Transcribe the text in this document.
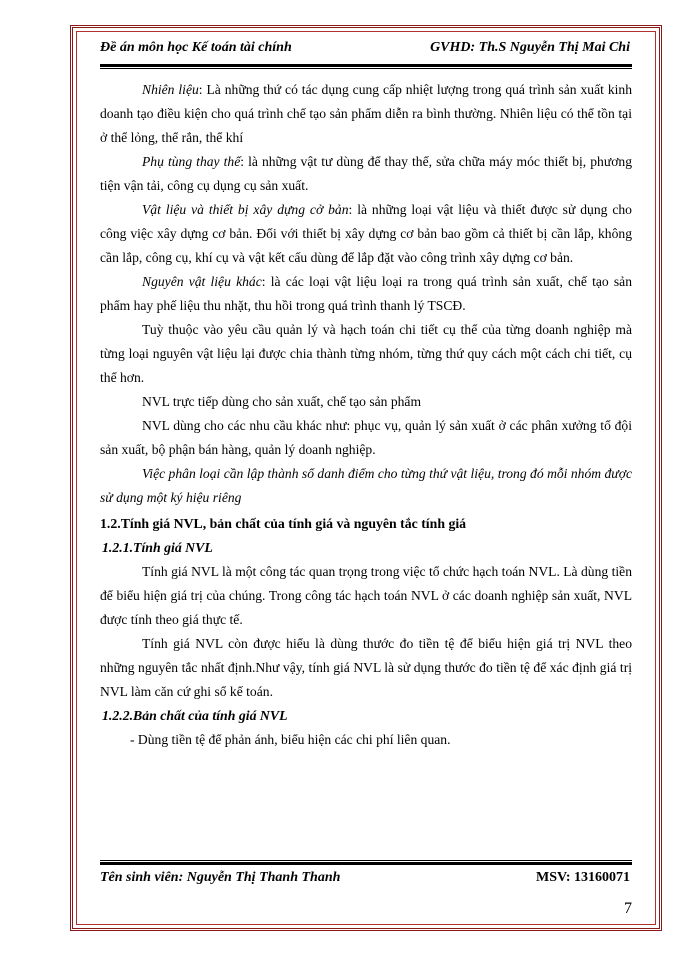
Đề án môn học Kế toán tài chính	GVHD: Th.S Nguyễn Thị Mai Chi

Nhiên liệu: Là những thứ có tác dụng cung cấp nhiệt lượng trong quá trình sản xuất kinh doanh tạo điều kiện cho quá trình chế tạo sản phẩm diễn ra bình thường. Nhiên liệu có thể tồn tại ở thể lỏng, thể rắn, thể khí

Phụ tùng thay thế: là những vật tư dùng để thay thế, sửa chữa máy móc thiết bị, phương tiện vận tải, công cụ dụng cụ sản xuất.

Vật liệu và thiết bị xây dựng cở bản: là những loại vật liệu và thiết được sử dụng cho công việc xây dựng cơ bản. Đối với thiết bị xây dựng cơ bản bao gồm cả thiết bị cần lắp, không cần lắp, công cụ, khí cụ và vật kết cấu dùng để lắp đặt vào công trình xây dựng cơ bản.

Nguyên vật liệu khác: là các loại vật liệu loại ra trong quá trình sản xuất, chế tạo sản phẩm hay phế liệu thu nhặt, thu hồi trong quá trình thanh lý TSCĐ.

Tuỳ thuộc vào yêu cầu quản lý và hạch toán chi tiết cụ thể của từng doanh nghiệp mà từng loại nguyên vật liệu lại được chia thành từng nhóm, từng thứ quy cách một cách chi tiết, cụ thể hơn.

NVL trực tiếp dùng cho sản xuất, chế tạo sản phẩm

NVL dùng cho các nhu cầu khác như: phục vụ, quản lý sản xuất ở các phân xưởng tổ đội sản xuất, bộ phận bán hàng, quản lý doanh nghiệp.

Việc phân loại cần lập thành sổ danh điểm cho từng thứ vật liệu, trong đó mỗi nhóm được sử dụng một ký hiệu riêng

1.2.Tính giá NVL, bản chất của tính giá và nguyên tắc tính giá

1.2.1.Tính giá NVL

Tính giá NVL là một công tác quan trọng trong việc tổ chức hạch toán NVL. Là dùng tiền để biểu hiện giá trị của chúng. Trong công tác hạch toán NVL ở các doanh nghiệp sản xuất, NVL được tính theo giá thực tế.

Tính giá NVL còn được hiểu là dùng thước đo tiền tệ để biểu hiện giá trị NVL theo những nguyên tắc nhất định.Như vậy, tính giá NVL là sử dụng thước đo tiền tệ để xác định giá trị NVL làm căn cứ ghi sổ kế toán.

1.2.2.Bản chất của tính giá NVL

- Dùng tiền tệ để phản ánh, biểu hiện các chi phí liên quan.

Tên sinh viên: Nguyễn Thị Thanh Thanh	MSV: 13160071
7
